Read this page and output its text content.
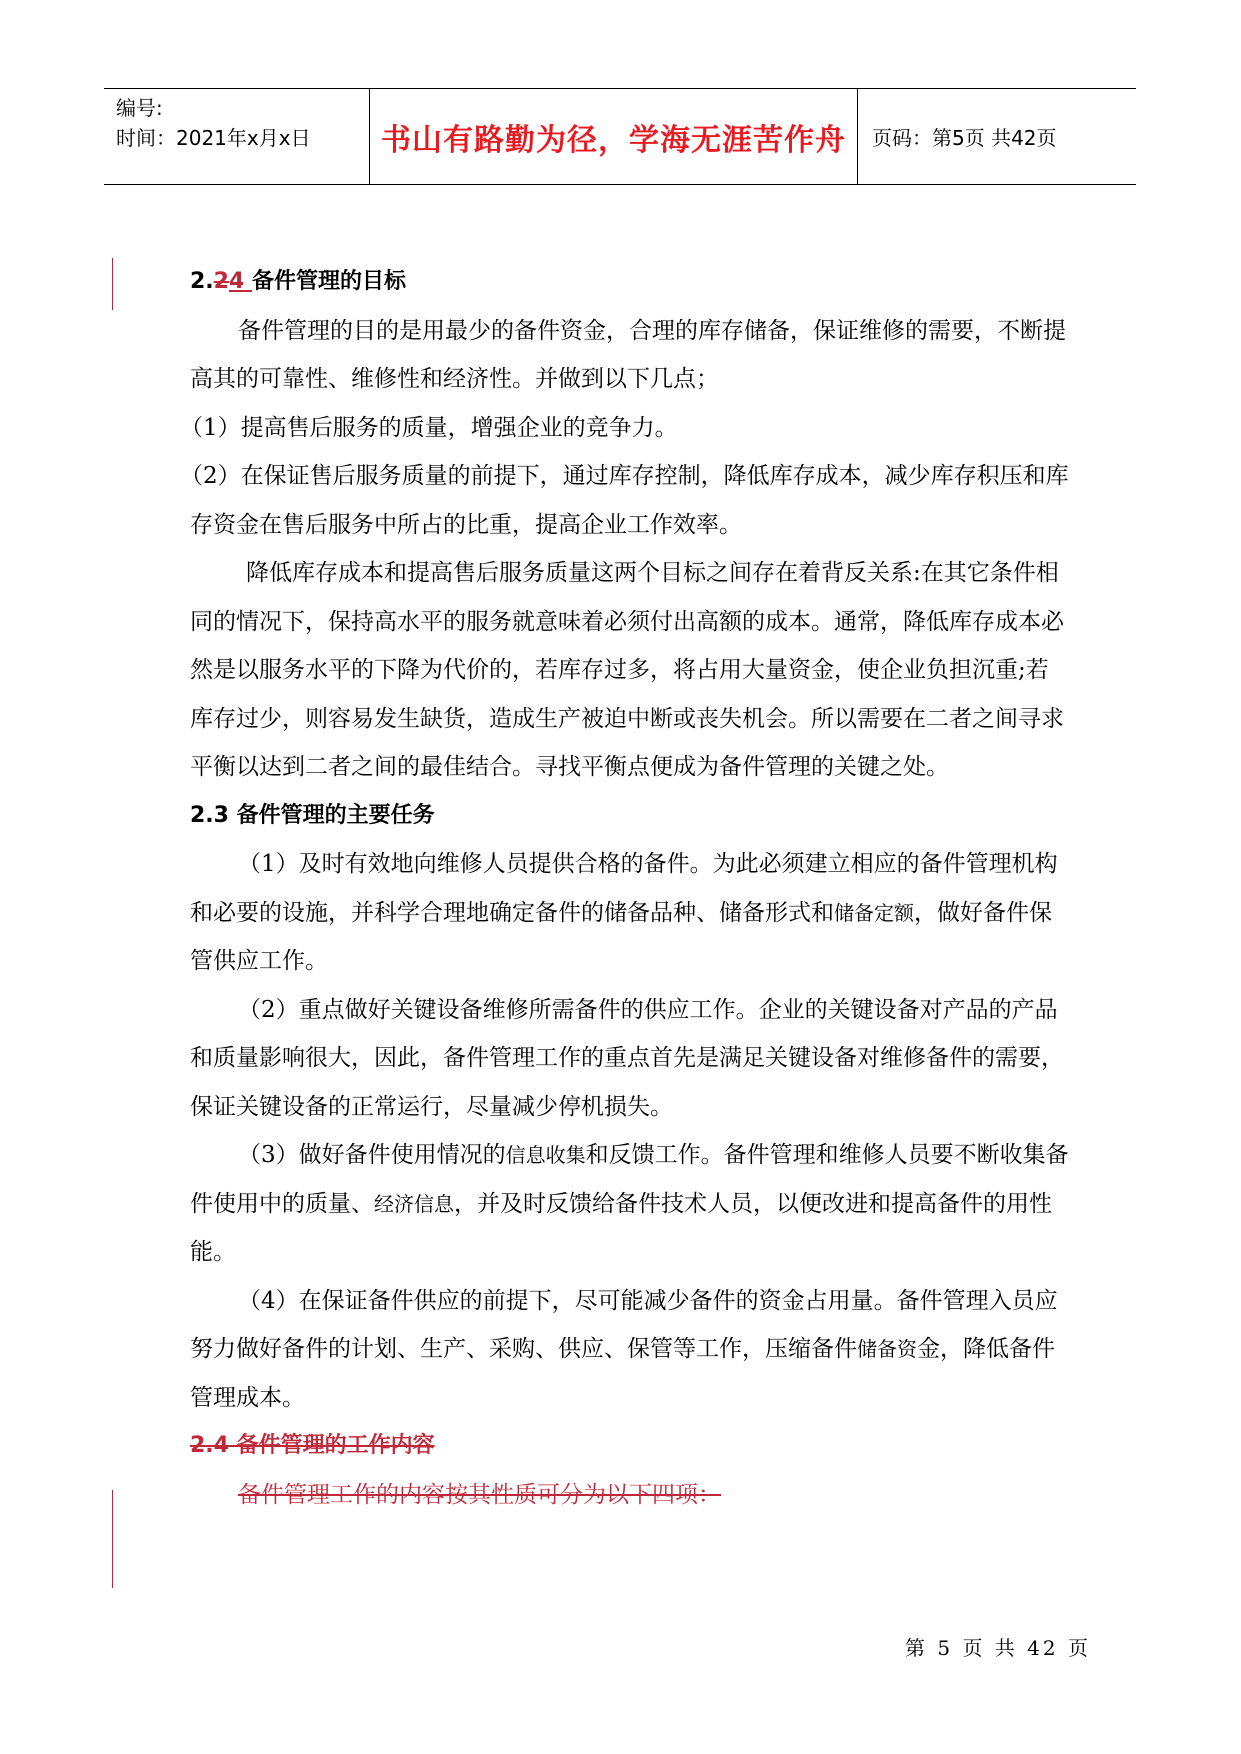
编号:
时间：2021年x月x日	书山有路勤为径，学海无涯苦作舟	页码：第5页 共42页

2.24 备件管理的目标

备件管理的目的是用最少的备件资金，合理的库存储备，保证维修的需要，不断提高其的可靠性、维修性和经济性。并做到以下几点；

（1）提高售后服务的质量，增强企业的竞争力。

（2）在保证售后服务质量的前提下，通过库存控制，降低库存成本，减少库存积压和库存资金在售后服务中所占的比重，提高企业工作效率。

降低库存成本和提高售后服务质量这两个目标之间存在着背反关系:在其它条件相同的情况下，保持高水平的服务就意味着必须付出高额的成本。通常，降低库存成本必然是以服务水平的下降为代价的，若库存过多，将占用大量资金，使企业负担沉重;若库存过少，则容易发生缺货，造成生产被迫中断或丧失机会。所以需要在二者之间寻求平衡以达到二者之间的最佳结合。寻找平衡点便成为备件管理的关键之处。

2.3 备件管理的主要任务

（1）及时有效地向维修人员提供合格的备件。为此必须建立相应的备件管理机构和必要的设施，并科学合理地确定备件的储备品种、储备形式和储备定额，做好备件保管供应工作。

（2）重点做好关键设备维修所需备件的供应工作。企业的关键设备对产品的产品和质量影响很大，因此，备件管理工作的重点首先是满足关键设备对维修备件的需要，保证关键设备的正常运行，尽量减少停机损失。

（3）做好备件使用情况的信息收集和反馈工作。备件管理和维修人员要不断收集备件使用中的质量、经济信息，并及时反馈给备件技术人员，以便改进和提高备件的用性能。

（4）在保证备件供应的前提下，尽可能减少备件的资金占用量。备件管理入员应努力做好备件的计划、生产、采购、供应、保管等工作，压缩备件储备资金，降低备件管理成本。

2.4 备件管理的工作内容

备件管理工作的内容按其性质可分为以下四项：

第 5 页 共 42 页
